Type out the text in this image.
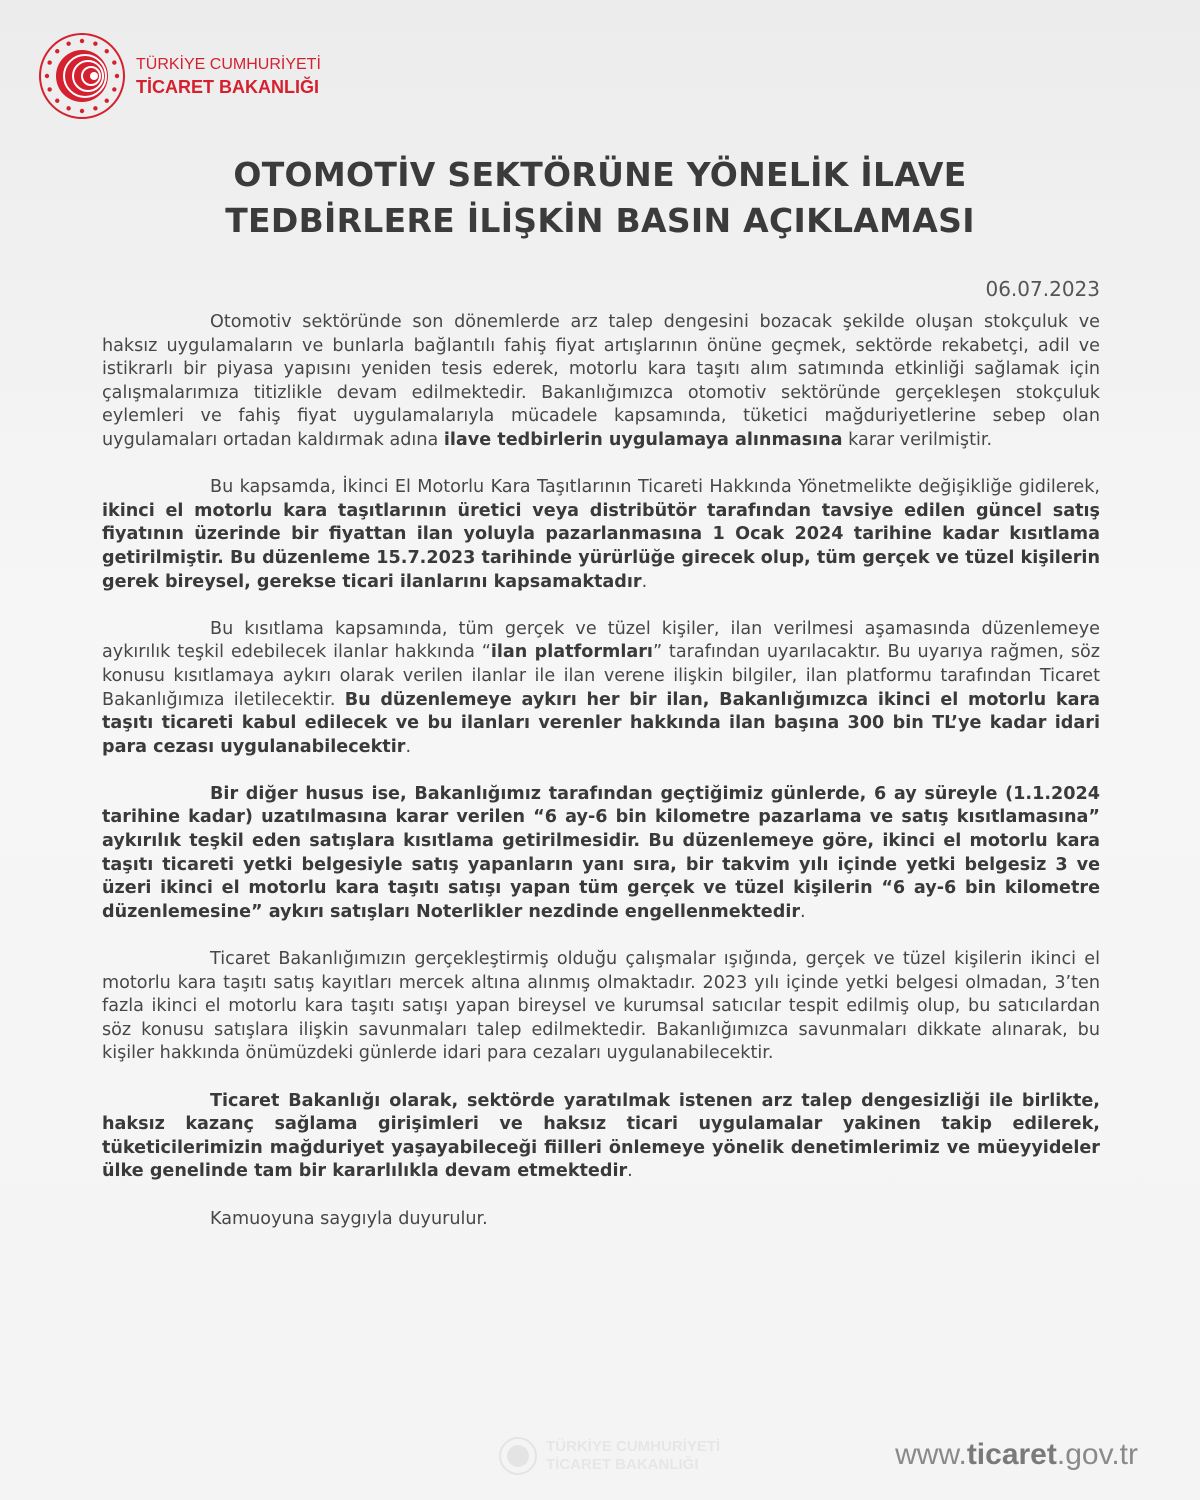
TÜRKİYE CUMHURİYETİ
TİCARET BAKANLIĞI
OTOMOTİV SEKTÖRÜNE YÖNELİK İLAVE
TEDBİRLERE İLİŞKİN BASIN AÇIKLAMASI
06.07.2023

Otomotiv sektöründe son dönemlerde arz talep dengesini bozacak şekilde oluşan stokçuluk ve haksız uygulamaların ve bunlarla bağlantılı fahiş fiyat artışlarının önüne geçmek, sektörde rekabetçi, adil ve istikrarlı bir piyasa yapısını yeniden tesis ederek, motorlu kara taşıtı alım satımında etkinliği sağlamak için çalışmalarımıza titizlikle devam edilmektedir. Bakanlığımızca otomotiv sektöründe gerçekleşen stokçuluk eylemleri ve fahiş fiyat uygulamalarıyla mücadele kapsamında, tüketici mağduriyetlerine sebep olan uygulamaları ortadan kaldırmak adına ilave tedbirlerin uygulamaya alınmasına karar verilmiştir.

Bu kapsamda, İkinci El Motorlu Kara Taşıtlarının Ticareti Hakkında Yönetmelikte değişikliğe gidilerek, ikinci el motorlu kara taşıtlarının üretici veya distribütör tarafından tavsiye edilen güncel satış fiyatının üzerinde bir fiyattan ilan yoluyla pazarlanmasına 1 Ocak 2024 tarihine kadar kısıtlama getirilmiştir. Bu düzenleme 15.7.2023 tarihinde yürürlüğe girecek olup, tüm gerçek ve tüzel kişilerin gerek bireysel, gerekse ticari ilanlarını kapsamaktadır.

Bu kısıtlama kapsamında, tüm gerçek ve tüzel kişiler, ilan verilmesi aşamasında düzenlemeye aykırılık teşkil edebilecek ilanlar hakkında “ilan platformları” tarafından uyarılacaktır. Bu uyarıya rağmen, söz konusu kısıtlamaya aykırı olarak verilen ilanlar ile ilan verene ilişkin bilgiler, ilan platformu tarafından Ticaret Bakanlığımıza iletilecektir. Bu düzenlemeye aykırı her bir ilan, Bakanlığımızca ikinci el motorlu kara taşıtı ticareti kabul edilecek ve bu ilanları verenler hakkında ilan başına 300 bin TL’ye kadar idari para cezası uygulanabilecektir.

Bir diğer husus ise, Bakanlığımız tarafından geçtiğimiz günlerde, 6 ay süreyle (1.1.2024 tarihine kadar) uzatılmasına karar verilen “6 ay-6 bin kilometre pazarlama ve satış kısıtlamasına” aykırılık teşkil eden satışlara kısıtlama getirilmesidir. Bu düzenlemeye göre, ikinci el motorlu kara taşıtı ticareti yetki belgesiyle satış yapanların yanı sıra, bir takvim yılı içinde yetki belgesiz 3 ve üzeri ikinci el motorlu kara taşıtı satışı yapan tüm gerçek ve tüzel kişilerin “6 ay-6 bin kilometre düzenlemesine” aykırı satışları Noterlikler nezdinde engellenmektedir.

Ticaret Bakanlığımızın gerçekleştirmiş olduğu çalışmalar ışığında, gerçek ve tüzel kişilerin ikinci el motorlu kara taşıtı satış kayıtları mercek altına alınmış olmaktadır. 2023 yılı içinde yetki belgesi olmadan, 3’ten fazla ikinci el motorlu kara taşıtı satışı yapan bireysel ve kurumsal satıcılar tespit edilmiş olup, bu satıcılardan söz konusu satışlara ilişkin savunmaları talep edilmektedir. Bakanlığımızca savunmaları dikkate alınarak, bu kişiler hakkında önümüzdeki günlerde idari para cezaları uygulanabilecektir.

Ticaret Bakanlığı olarak, sektörde yaratılmak istenen arz talep dengesizliği ile birlikte, haksız kazanç sağlama girişimleri ve haksız ticari uygulamalar yakinen takip edilerek, tüketicilerimizin mağduriyet yaşayabileceği fiilleri önlemeye yönelik denetimlerimiz ve müeyyideler ülke genelinde tam bir kararlılıkla devam etmektedir.

Kamuoyuna saygıyla duyurulur.

TÜRKİYE CUMHURİYETİ
TİCARET BAKANLIĞI	www.ticaret.gov.tr
